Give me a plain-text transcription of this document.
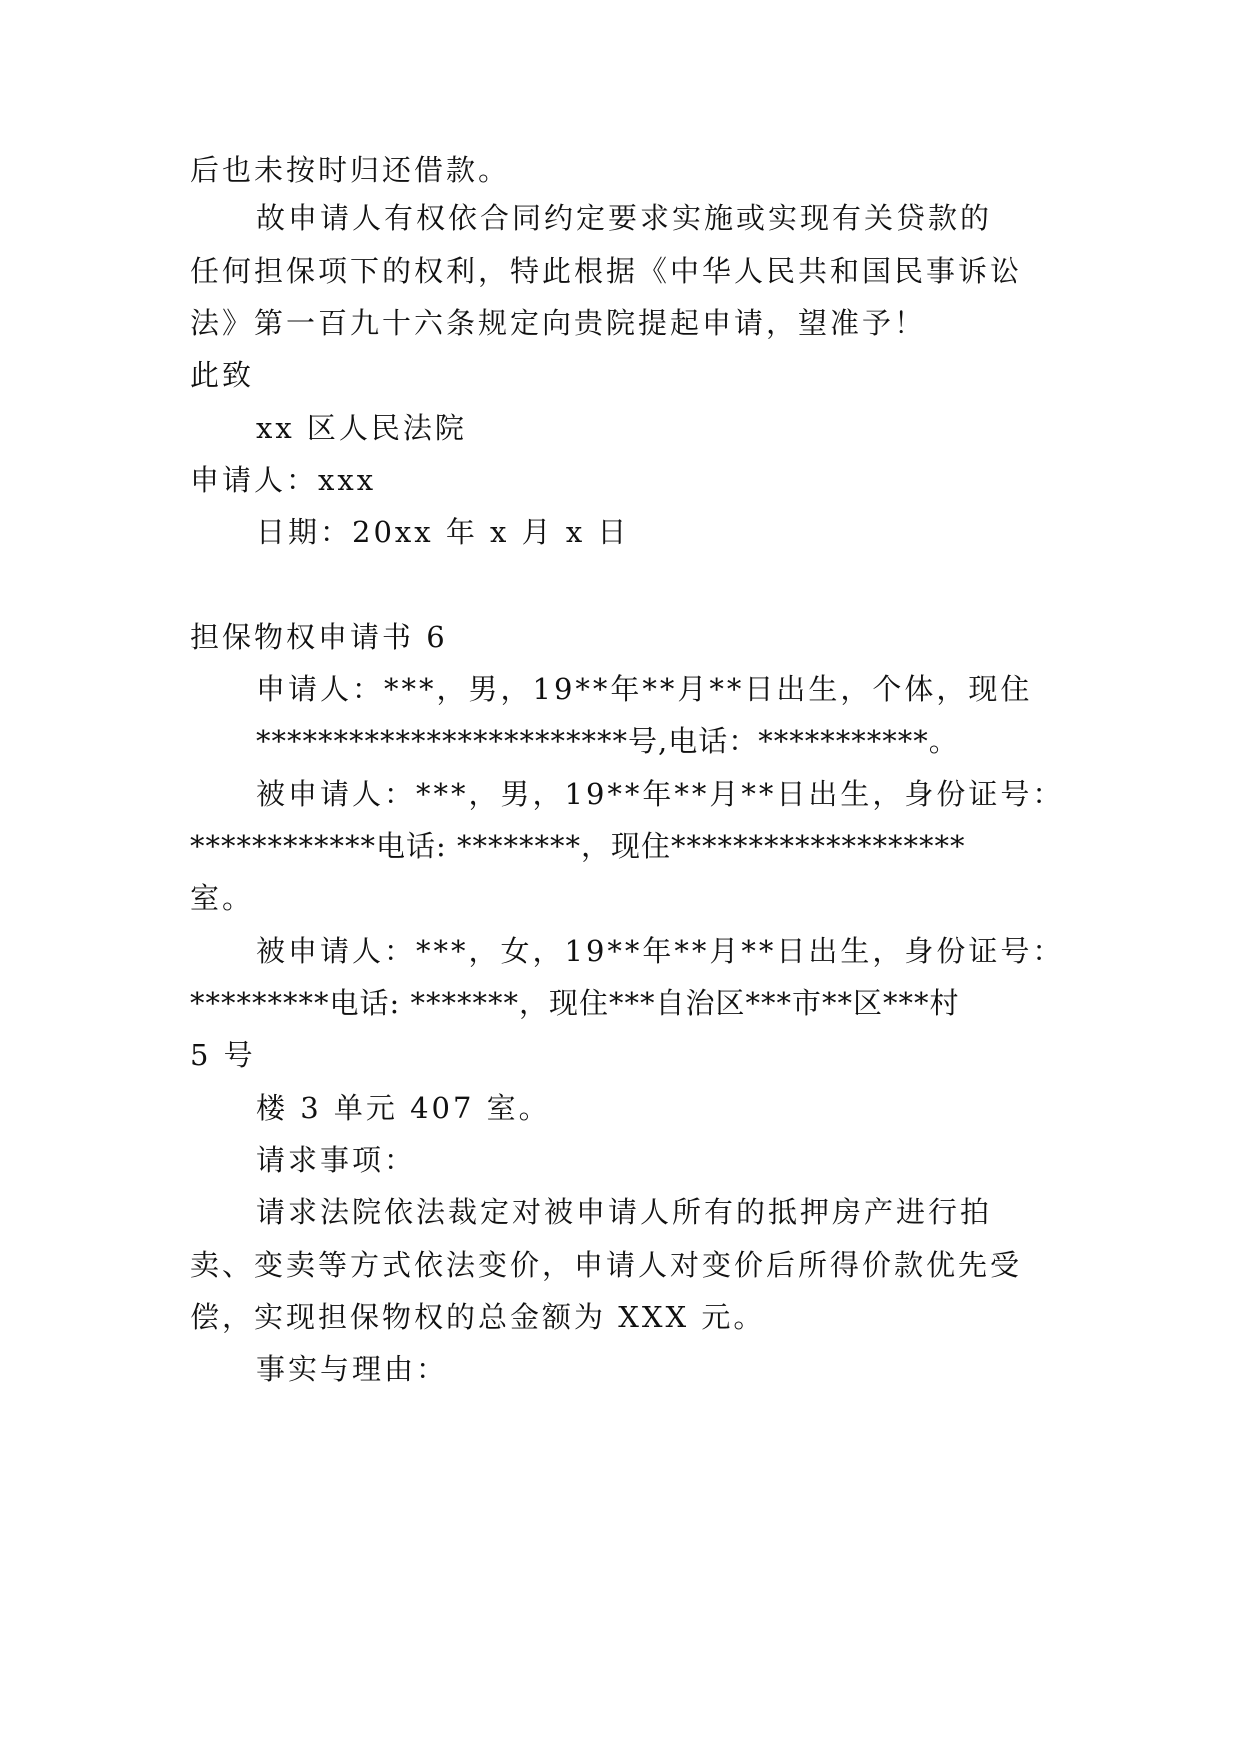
后也未按时归还借款。
故申请人有权依合同约定要求实施或实现有关贷款的
任何担保项下的权利，特此根据《中华人民共和国民事诉讼
法》第一百九十六条规定向贵院提起申请，望准予！
此致
xx 区人民法院
申请人：xxx
日期：20xx 年 x 月 x 日
担保物权申请书 6
申请人：***，男，19**年**月**日出生，个体，现住
************************号,电话：***********。
被申请人：***，男，19**年**月**日出生，身份证号：
************电话: ********，现住*******************
室。
被申请人：***，女，19**年**月**日出生，身份证号：
*********电话: *******，现住***自治区***市**区***村
5 号
楼 3 单元 407 室。
请求事项：
请求法院依法裁定对被申请人所有的抵押房产进行拍
卖、变卖等方式依法变价，申请人对变价后所得价款优先受
偿，实现担保物权的总金额为 XXX 元。
事实与理由：
